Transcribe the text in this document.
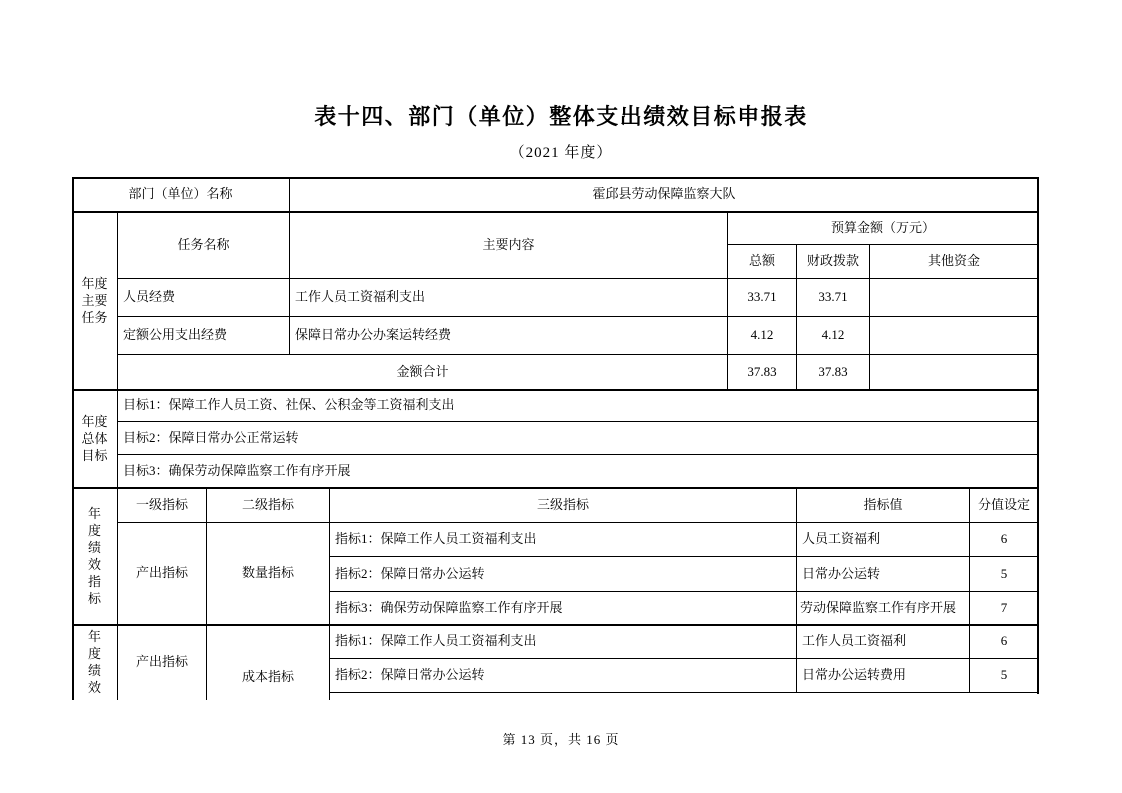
表十四、部门（单位）整体支出绩效目标申报表
（2021 年度）
部门（单位）名称	霍邱县劳动保障监察大队
年度主要任务
任务名称	主要内容
预算金额（万元）
总额	财政拨款	其他资金
人员经费	工作人员工资福利支出	33.71	33.71
定额公用支出经费	保障日常办公办案运转经费	4.12	4.12
金额合计	37.83	37.83
年度总体目标
目标1：保障工作人员工资、社保、公积金等工资福利支出
目标2：保障日常办公正常运转
目标3：确保劳动保障监察工作有序开展
年度绩效指标
一级指标	二级指标	三级指标	指标值	分值设定
产出指标	数量指标
指标1：保障工作人员工资福利支出	人员工资福利	6
指标2：保障日常办公运转	日常办公运转	5
指标3：确保劳动保障监察工作有序开展	劳动保障监察工作有序开展	7
年度绩效
产出指标
成本指标
指标1：保障工作人员工资福利支出	工作人员工资福利	6
指标2：保障日常办公运转	日常办公运转费用	5
第 13 页，共 16 页
